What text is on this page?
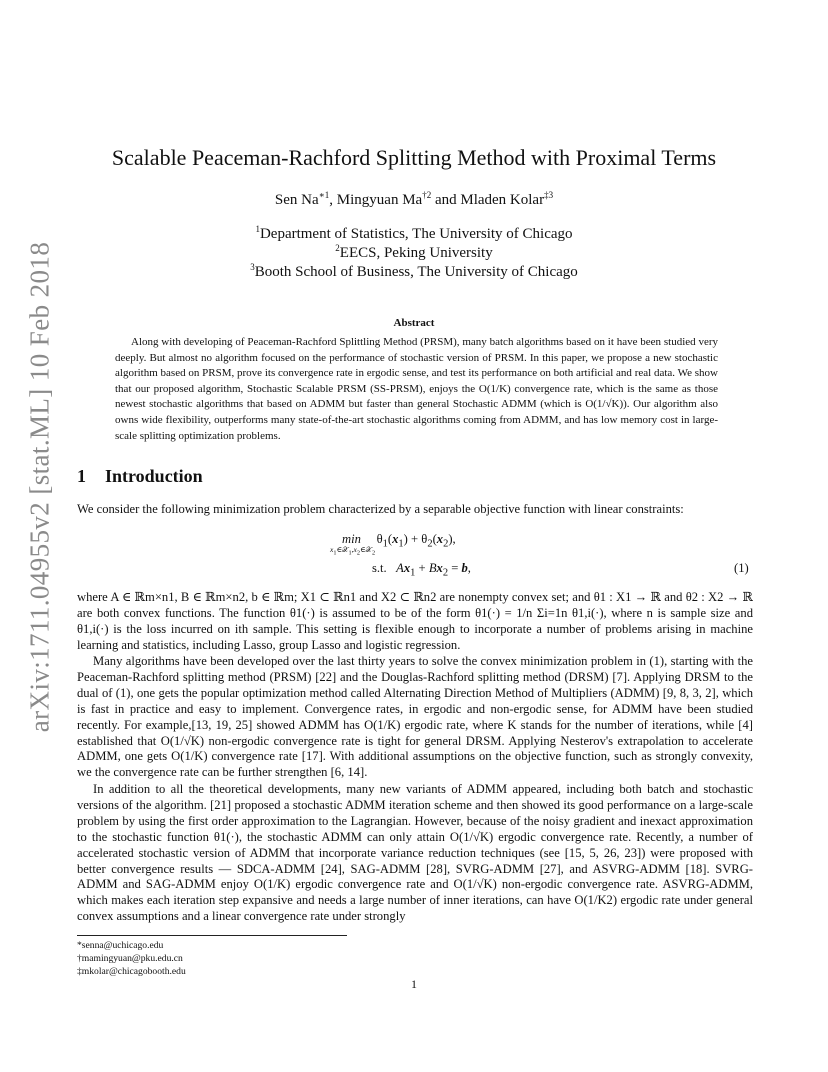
arXiv:1711.04955v2 [stat.ML] 10 Feb 2018
Scalable Peaceman-Rachford Splitting Method with Proximal Terms
Sen $Na^{∗1}$, Mingyuan Ma$^{\dagger 2}$ and Mladen Kolar$^{\ddagger 3}$
$^1$Department of Statistics, The University of Chicago
$^2$EECS, Peking University
$^3$Booth School of Business, The University of Chicago
Abstract
Along with developing of Peaceman-Rachford Splittling Method (PRSM), many batch algorithms based on it have been studied very deeply. But almost no algorithm focused on the performance of stochastic version of PRSM. In this paper, we propose a new stochastic algorithm based on PRSM, prove its convergence rate in ergodic sense, and test its performance on both artificial and real data. We show that our proposed algorithm, Stochastic Scalable PRSM (SS-PRSM), enjoys the O(1/K) convergence rate, which is the same as those newest stochastic algorithms that based on ADMM but faster than general Stochastic ADMM (which is O(1/√K)). Our algorithm also owns wide flexibility, outperforms many state-of-the-art stochastic algorithms coming from ADMM, and has low memory cost in large-scale splitting optimization problems.
1 Introduction

We consider the following minimization problem characterized by a separable objective function with linear constraints:

min     $\theta_1(x_1) + \theta_2(x_2)$,
$x_1\in 𝒳_1,x_2\in 𝒳_2$
s.t.   $Ax_1 + Bx_2 = b$,	(1)

where A ∈ ℝm×n1, B ∈ ℝm×n2, b ∈ ℝm; X1 ⊂ ℝn1 and X2 ⊂ ℝn2 are nonempty convex set; and θ1 : X1 → ℝ and θ2 : X2 → ℝ are both convex functions. The function θ1(·) is assumed to be of the form θ1(·) = 1/n Σi=1n θ1,i(·), where n is sample size and θ1,i(·) is the loss incurred on ith sample. This setting is flexible enough to incorporate a number of problems arising in machine learning and statistics, including Lasso, group Lasso and logistic regression.

Many algorithms have been developed over the last thirty years to solve the convex minimization problem in (1), starting with the Peaceman-Rachford splitting method (PRSM) [22] and the Douglas-Rachford splitting method (DRSM) [7]. Applying DRSM to the dual of (1), one gets the popular optimization method called Alternating Direction Method of Multipliers (ADMM) [9, 8, 3, 2], which is fast in practice and easy to implement. Convergence rates, in ergodic and non-ergodic sense, for ADMM have been studied recently. For example,[13, 19, 25] showed ADMM has O(1/K) ergodic rate, where K stands for the number of iterations, while [4] established that O(1/√K) non-ergodic convergence rate is tight for general DRSM. Applying Nesterov's extrapolation to accelerate ADMM, one gets O(1/K) convergence rate [17]. With additional assumptions on the objective function, such as strongly convexity, we the convergence rate can be further strengthen [6, 14].

In addition to all the theoretical developments, many new variants of ADMM appeared, including both batch and stochastic versions of the algorithm. [21] proposed a stochastic ADMM iteration scheme and then showed its good performance on a large-scale problem by using the first order approximation to the Lagrangian. However, because of the noisy gradient and inexact approximation to the stochastic function θ1(·), the stochastic ADMM can only attain O(1/√K) ergodic convergence rate. Recently, a number of accelerated stochastic version of ADMM that incorporate variance reduction techniques (see [15, 5, 26, 23]) were proposed with better convergence results — SDCA-ADMM [24], SAG-ADMM [28], SVRG-ADMM [27], and ASVRG-ADMM [18]. SVRG-ADMM and SAG-ADMM enjoy O(1/K) ergodic convergence rate and O(1/√K) non-ergodic convergence rate. ASVRG-ADMM, which makes each iteration step expansive and needs a large number of inner iterations, can have O(1/K2) ergodic rate under general convex assumptions and a linear convergence rate under strongly

*senna@uchicago.edu
†mamingyuan@pku.edu.cn
‡mkolar@chicagobooth.edu
1
